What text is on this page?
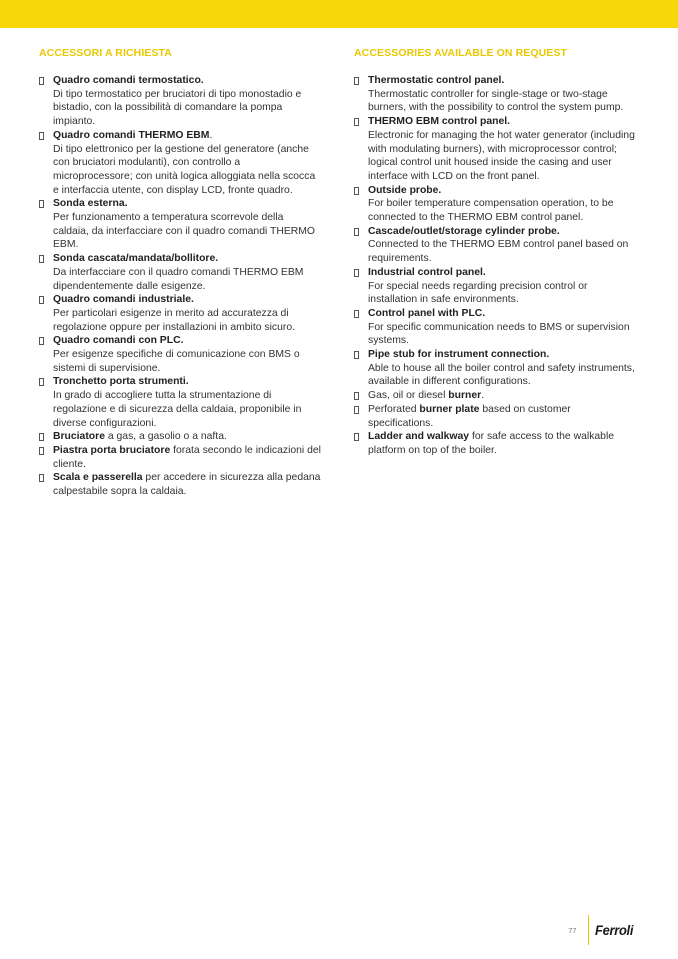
ACCESSORI A RICHIESTA
Quadro comandi termostatico.
Di tipo termostatico per bruciatori di tipo monostadio e bistadio, con la possibilità di comandare la pompa impianto.
Quadro comandi THERMO EBM.
Di tipo elettronico per la gestione del generatore (anche con bruciatori modulanti), con controllo a microprocessore; con unità logica alloggiata nella scocca e interfaccia utente, con display LCD, fronte quadro.
Sonda esterna.
Per funzionamento a temperatura scorrevole della caldaia, da interfacciare con il quadro comandi THERMO EBM.
Sonda cascata/mandata/bollitore.
Da interfacciare con il quadro comandi THERMO EBM dipendentemente dalle esigenze.
Quadro comandi industriale.
Per particolari esigenze in merito ad accuratezza di regolazione oppure per installazioni in ambito sicuro.
Quadro comandi con PLC.
Per esigenze specifiche di comunicazione con BMS o sistemi di supervisione.
Tronchetto porta strumenti.
In grado di accogliere tutta la strumentazione di regolazione e di sicurezza della caldaia, proponibile in diverse configurazioni.
Bruciatore a gas, a gasolio o a nafta.
Piastra porta bruciatore forata secondo le indicazioni del cliente.
Scala e passerella per accedere in sicurezza alla pedana calpestabile sopra la caldaia.
ACCESSORIES AVAILABLE ON REQUEST
Thermostatic control panel.
Thermostatic controller for single-stage or two-stage burners, with the possibility to control the system pump.
THERMO EBM control panel.
Electronic for managing the hot water generator (including with modulating burners), with microprocessor control; logical control unit housed inside the casing and user interface with LCD on the front panel.
Outside probe.
For boiler temperature compensation operation, to be connected to the THERMO EBM control panel.
Cascade/outlet/storage cylinder probe.
Connected to the THERMO EBM control panel based on requirements.
Industrial control panel.
For special needs regarding precision control or installation in safe environments.
Control panel with PLC.
For specific communication needs to BMS or supervision systems.
Pipe stub for instrument connection.
Able to house all the boiler control and safety instruments, available in different configurations.
Gas, oil or diesel burner.
Perforated burner plate based on customer specifications.
Ladder and walkway for safe access to the walkable platform on top of the boiler.
77 Ferroli
